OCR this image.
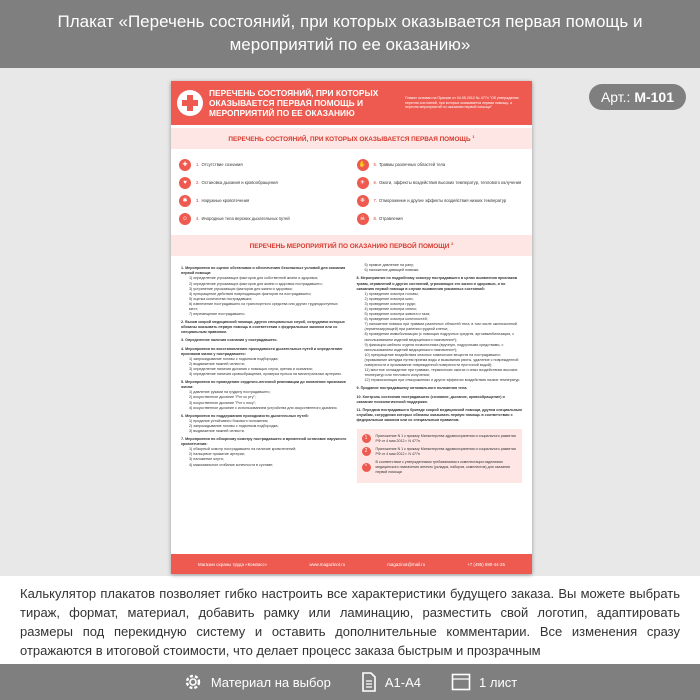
Плакат «Перечень состояний, при которых оказывается первая помощь и мероприятий по ее оказанию»
Арт.: М-101
ПЕРЕЧЕНЬ СОСТОЯНИЙ, ПРИ КОТОРЫХ ОКАЗЫВАЕТСЯ ПЕРВАЯ ПОМОЩЬ И МЕРОПРИЯТИЙ ПО ЕЕ ОКАЗАНИЮ
Плакат основан на Приказе от 04.05.2012 № 477н "Об утверждении перечня состояний, при которых оказывается первая помощь, и перечня мероприятий по оказанию первой помощи"
ПЕРЕЧЕНЬ СОСТОЯНИЙ, ПРИ КОТОРЫХ ОКАЗЫВАЕТСЯ ПЕРВАЯ ПОМОЩЬ $^1$
✚	1. Отсутствие сознания	✋	5. Травмы различных областей тела
♥	2. Остановка дыхания и кровообращения	☀	6. Ожоги, эффекты воздействия высоких температур, теплового излучения
✱	3. Наружные кровотечения	❄	7. Отморожение и другие эффекты воздействия низких температур
☺	4. Инородные тела верхних дыхательных путей	☠	8. Отравления
ПЕРЕЧЕНЬ МЕРОПРИЯТИЙ ПО ОКАЗАНИЮ ПЕРВОЙ ПОМОЩИ $^2$
1. Мероприятия по оценке обстановки и обеспечению безопасных условий для оказания первой помощи:
1) определение угрожающих факторов для собственной жизни и здоровья;
2) определение угрожающих факторов для жизни и здоровья пострадавшего;
3) устранение угрожающих факторов для жизни и здоровья;
4) прекращение действия повреждающих факторов на пострадавшего;
5) оценка количества пострадавших;
6) извлечение пострадавшего из транспортного средства или других труднодоступных мест;
7) перемещение пострадавшего.
2. Вызов скорой медицинской помощи, других специальных служб, сотрудники которых обязаны оказывать первую помощь в соответствии с федеральным законом или со специальным правилом.
3. Определение наличия сознания у пострадавшего.
4. Мероприятия по восстановлению проходимости дыхательных путей и определению признаков жизни у пострадавшего:
1) запрокидывание головы с подъемом подбородка;
2) выдвижение нижней челюсти;
3) определение наличия дыхания с помощью слуха, зрения и осязания;
4) определение наличия кровообращения, проверка пульса на магистральных артериях.
5. Мероприятия по проведению сердечно-легочной реанимации до появления признаков жизни:
1) давление руками на грудину пострадавшего;
2) искусственное дыхание "Рот ко рту";
3) искусственное дыхание "Рот к носу";
4) искусственное дыхание с использованием устройства для искусственного дыхания.
6. Мероприятия по поддержанию проходимости дыхательных путей:
1) придание устойчивого бокового положения;
2) запрокидывание головы с подъемом подбородка;
3) выдвижение нижней челюсти.
7. Мероприятия по обзорному осмотру пострадавшего и временной остановке наружного кровотечения:
1) обзорный осмотр пострадавшего на наличие кровотечений;
2) пальцевое прижатие артерии;
3) наложение жгута;
4) максимальное сгибание конечности в суставе;
5) прямое давление на рану;
6) наложение давящей повязки.
8. Мероприятия по подробному осмотру пострадавшего в целях выявления признаков травм, отравлений и других состояний, угрожающих его жизни и здоровью, и по оказанию первой помощи в случае выявления указанных состояний:
1) проведение осмотра головы;
2) проведение осмотра шеи;
3) проведение осмотра груди;
4) проведение осмотра спины;
5) проведение осмотра живота и таза;
6) проведение осмотра конечностей;
7) наложение повязок при травмах различных областей тела, в том числе окклюзионной (герметизирующей) при ранении грудной клетки;
8) проведение иммобилизации (с помощью подручных средств, аутоиммобилизация, с использованием изделий медицинского назначения*);
9) фиксация шейного отдела позвоночника (вручную, подручными средствами, с использованием изделий медицинского назначения*);
10) прекращение воздействия опасных химических веществ на пострадавшего (промывание желудка путем приема воды и вызывания рвоты, удаление с поврежденной поверхности и промывание поврежденной поверхности проточной водой);
11) местное охлаждение при травмах, термических ожогах и иных воздействиях высоких температур или теплового излучения;
12) термоизоляция при отморожениях и других эффектах воздействия низких температур.
9. Придание пострадавшему оптимального положения тела.
10. Контроль состояния пострадавшего (сознание, дыхание, кровообращение) и оказание психологической поддержки.
11. Передача пострадавшего бригаде скорой медицинской помощи, другим специальным службам, сотрудники которых обязаны оказывать первую помощь в соответствии с федеральным законом или со специальным правилом.
1	Приложение N 1 к приказу Министерства здравоохранения и социального развития РФ от 4 мая 2012 г. N 477н
2	Приложение N 1 к приказу Министерства здравоохранения и социального развития РФ от 4 мая 2012 г. N 477н
*
В соответствии с утвержденными требованиями к комплектации изделиями медицинского назначения аптечек (укладок, наборов, комплектов) для оказания первой помощи
Магазин охраны труда «Компасс»	www.magazinot.ru	magazinot@mail.ru	+7 (495) 980-44-25
Калькулятор плакатов позволяет гибко настроить все характеристики будущего заказа. Вы можете выбрать тираж, формат, материал, добавить рамку или ламинацию, разместить свой логотип, адаптировать размеры под перекидную систему и оставить дополнительные комментарии. Все изменения сразу отражаются в итоговой стоимости, что делает процесс заказа быстрым и прозрачным
Материал на выбор	А1-А4	1 лист
